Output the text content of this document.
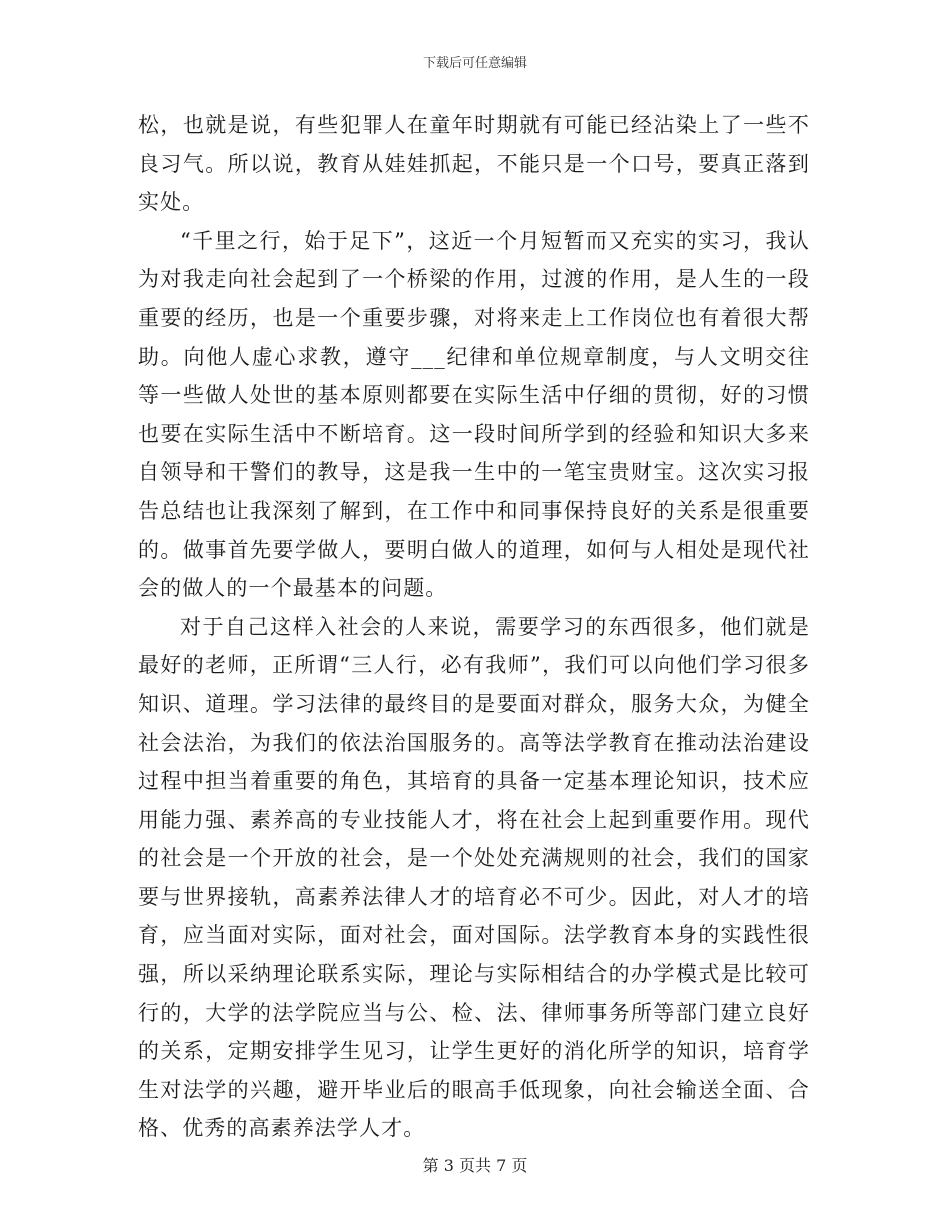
下载后可任意编辑

松，也就是说，有些犯罪人在童年时期就有可能已经沾染上了一些不良习气。所以说，教育从娃娃抓起，不能只是一个口号，要真正落到实处。

“千里之行，始于足下”，这近一个月短暂而又充实的实习，我认为对我走向社会起到了一个桥梁的作用，过渡的作用，是人生的一段重要的经历，也是一个重要步骤，对将来走上工作岗位也有着很大帮助。向他人虚心求教，遵守___纪律和单位规章制度，与人文明交往等一些做人处世的基本原则都要在实际生活中仔细的贯彻，好的习惯也要在实际生活中不断培育。这一段时间所学到的经验和知识大多来自领导和干警们的教导，这是我一生中的一笔宝贵财宝。这次实习报告总结也让我深刻了解到，在工作中和同事保持良好的关系是很重要的。做事首先要学做人，要明白做人的道理，如何与人相处是现代社会的做人的一个最基本的问题。

对于自己这样入社会的人来说，需要学习的东西很多，他们就是最好的老师，正所谓“三人行，必有我师”，我们可以向他们学习很多知识、道理。学习法律的最终目的是要面对群众，服务大众，为健全社会法治，为我们的依法治国服务的。高等法学教育在推动法治建设过程中担当着重要的角色，其培育的具备一定基本理论知识，技术应用能力强、素养高的专业技能人才，将在社会上起到重要作用。现代的社会是一个开放的社会，是一个处处充满规则的社会，我们的国家要与世界接轨，高素养法律人才的培育必不可少。因此，对人才的培育，应当面对实际，面对社会，面对国际。法学教育本身的实践性很强，所以采纳理论联系实际，理论与实际相结合的办学模式是比较可行的，大学的法学院应当与公、检、法、律师事务所等部门建立良好的关系，定期安排学生见习，让学生更好的消化所学的知识，培育学生对法学的兴趣，避开毕业后的眼高手低现象，向社会输送全面、合格、优秀的高素养法学人才。

第 3 页共 7 页
